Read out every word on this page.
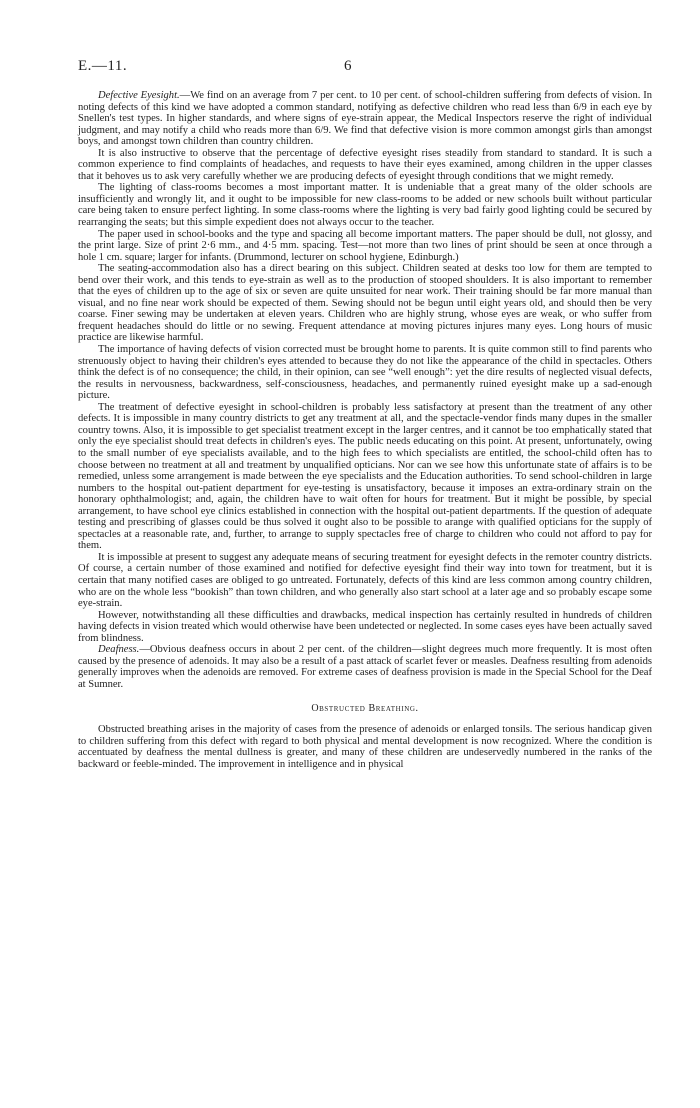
E.—11.	6

Defective Eyesight.—We find on an average from 7 per cent. to 10 per cent. of school-children suffering from defects of vision. In noting defects of this kind we have adopted a common standard, notifying as defective children who read less than 6/9 in each eye by Snellen's test types. In higher standards, and where signs of eye-strain appear, the Medical Inspectors reserve the right of individual judgment, and may notify a child who reads more than 6/9. We find that defective vision is more common amongst girls than amongst boys, and amongst town children than country children.

It is also instructive to observe that the percentage of defective eyesight rises steadily from standard to standard. It is such a common experience to find complaints of headaches, and requests to have their eyes examined, among children in the upper classes that it behoves us to ask very carefully whether we are producing defects of eyesight through conditions that we might remedy.

The lighting of class-rooms becomes a most important matter. It is undeniable that a great many of the older schools are insufficiently and wrongly lit, and it ought to be impossible for new class-rooms to be added or new schools built without particular care being taken to ensure perfect lighting. In some class-rooms where the lighting is very bad fairly good lighting could be secured by rearranging the seats; but this simple expedient does not always occur to the teacher.

The paper used in school-books and the type and spacing all become important matters. The paper should be dull, not glossy, and the print large. Size of print 2·6 mm., and 4·5 mm. spacing. Test—not more than two lines of print should be seen at once through a hole 1 cm. square; larger for infants. (Drummond, lecturer on school hygiene, Edinburgh.)

The seating-accommodation also has a direct bearing on this subject. Children seated at desks too low for them are tempted to bend over their work, and this tends to eye-strain as well as to the production of stooped shoulders. It is also important to remember that the eyes of children up to the age of six or seven are quite unsuited for near work. Their training should be far more manual than visual, and no fine near work should be expected of them. Sewing should not be begun until eight years old, and should then be very coarse. Finer sewing may be undertaken at eleven years. Children who are highly strung, whose eyes are weak, or who suffer from frequent headaches should do little or no sewing. Frequent attendance at moving pictures injures many eyes. Long hours of music practice are likewise harmful.

The importance of having defects of vision corrected must be brought home to parents. It is quite common still to find parents who strenuously object to having their children's eyes attended to because they do not like the appearance of the child in spectacles. Others think the defect is of no consequence; the child, in their opinion, can see “well enough”: yet the dire results of neglected visual defects, the results in nervousness, backwardness, self-consciousness, headaches, and permanently ruined eyesight make up a sad-enough picture.

The treatment of defective eyesight in school-children is probably less satisfactory at present than the treatment of any other defects. It is impossible in many country districts to get any treatment at all, and the spectacle-vendor finds many dupes in the smaller country towns. Also, it is impossible to get specialist treatment except in the larger centres, and it cannot be too emphatically stated that only the eye specialist should treat defects in children's eyes. The public needs educating on this point. At present, unfortunately, owing to the small number of eye specialists available, and to the high fees to which specialists are entitled, the school-child often has to choose between no treatment at all and treatment by unqualified opticians. Nor can we see how this unfortunate state of affairs is to be remedied, unless some arrangement is made between the eye specialists and the Education authorities. To send school-children in large numbers to the hospital out-patient department for eye-testing is unsatisfactory, because it imposes an extra-ordinary strain on the honorary ophthalmologist; and, again, the children have to wait often for hours for treatment. But it might be possible, by special arrangement, to have school eye clinics established in connection with the hospital out-patient departments. If the question of adequate testing and prescribing of glasses could be thus solved it ought also to be possible to arange with qualified opticians for the supply of spectacles at a reasonable rate, and, further, to arrange to supply spectacles free of charge to children who could not afford to pay for them.

It is impossible at present to suggest any adequate means of securing treatment for eyesight defects in the remoter country districts. Of course, a certain number of those examined and notified for defective eyesight find their way into town for treatment, but it is certain that many notified cases are obliged to go untreated. Fortunately, defects of this kind are less common among country children, who are on the whole less “bookish” than town children, and who generally also start school at a later age and so probably escape some eye-strain.

However, notwithstanding all these difficulties and drawbacks, medical inspection has certainly resulted in hundreds of children having defects in vision treated which would otherwise have been undetected or neglected. In some cases eyes have been actually saved from blindness.

Deafness.—Obvious deafness occurs in about 2 per cent. of the children—slight degrees much more frequently. It is most often caused by the presence of adenoids. It may also be a result of a past attack of scarlet fever or measles. Deafness resulting from adenoids generally improves when the adenoids are removed. For extreme cases of deafness provision is made in the Special School for the Deaf at Sumner.

Obstructed Breathing.

Obstructed breathing arises in the majority of cases from the presence of adenoids or enlarged tonsils. The serious handicap given to children suffering from this defect with regard to both physical and mental development is now recognized. Where the condition is accentuated by deafness the mental dullness is greater, and many of these children are undeservedly numbered in the ranks of the backward or feeble-minded. The improvement in intelligence and in physical
